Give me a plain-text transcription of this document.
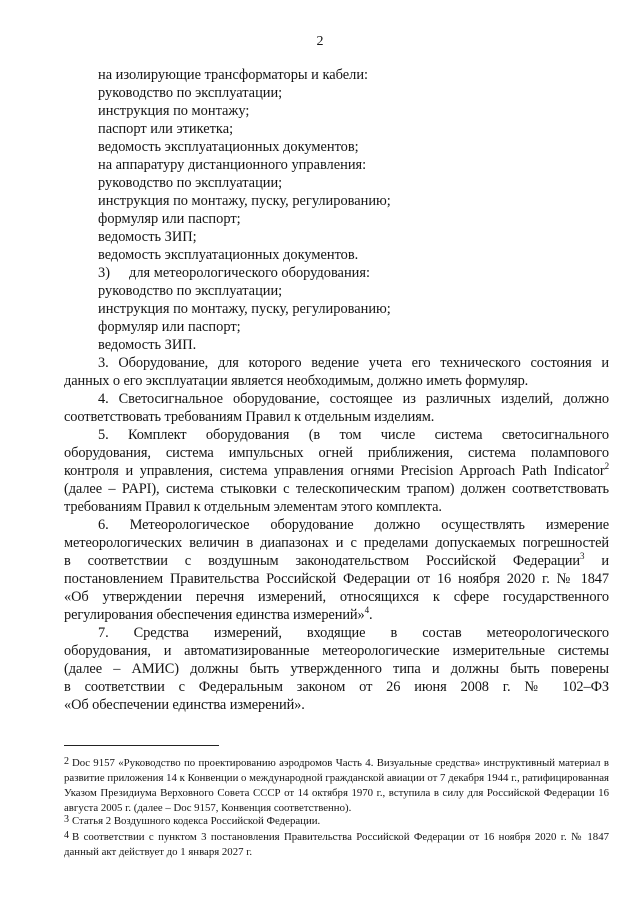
2
на изолирующие трансформаторы и кабели:
руководство по эксплуатации;
инструкция по монтажу;
паспорт или этикетка;
ведомость эксплуатационных документов;
на аппаратуру дистанционного управления:
руководство по эксплуатации;
инструкция по монтажу, пуску, регулированию;
формуляр или паспорт;
ведомость ЗИП;
ведомость эксплуатационных документов.
3) для метеорологического оборудования:
руководство по эксплуатации;
инструкция по монтажу, пуску, регулированию;
формуляр или паспорт;
ведомость ЗИП.
3. Оборудование, для которого ведение учета его технического состояния и
данных о его эксплуатации является необходимым, должно иметь формуляр.
4. Светосигнальное оборудование, состоящее из различных изделий, должно
соответствовать требованиям Правил к отдельным изделиям.
5. Комплект оборудования (в том числе система светосигнального
оборудования, система импульсных огней приближения, система поламповогo
контроля и управления, система управления огнями Precision Approach Path Indicator$^2$
(далее – PAPI), система стыковки с телескопическим трапом) должен соответствовать
требованиям Правил к отдельным элементам этого комплекта.
6. Метеорологическое оборудование должно осуществлять измерение
метеорологических величин в диапазонах и с пределами допускаемых погрешностей
в соответствии с воздушным законодательством Российской Федерации$^3$ и
постановлением Правительства Российской Федерации от 16 ноября 2020 г. № 1847
«Об утверждении перечня измерений, относящихся к сфере государственного
регулирования обеспечения единства измерений»$^4$.
7. Средства измерений, входящие в состав метеорологического
оборудования, и автоматизированные метеорологические измерительные системы
(далее – АМИС) должны быть утвержденного типа и должны быть поверены
в соответствии с Федеральным законом от 26 июня 2008 г. № 102–ФЗ
«Об обеспечении единства измерений».
2 Doc 9157 «Руководство по проектированию аэродромов Часть 4. Визуальные средства» инструктивный материал в развитие приложения 14 к Конвенции о международной гражданской авиации от 7 декабря 1944 г., ратифицированная Указом Президиума Верховного Совета СССР от 14 октября 1970 г., вступила в силу для Российской Федерации 16 августа 2005 г. (далее – Doc 9157, Конвенция соответственно).
3 Статья 2 Воздушного кодекса Российской Федерации.
4 В соответствии с пунктом 3 постановления Правительства Российской Федерации от 16 ноября 2020 г. № 1847 данный акт действует до 1 января 2027 г.
